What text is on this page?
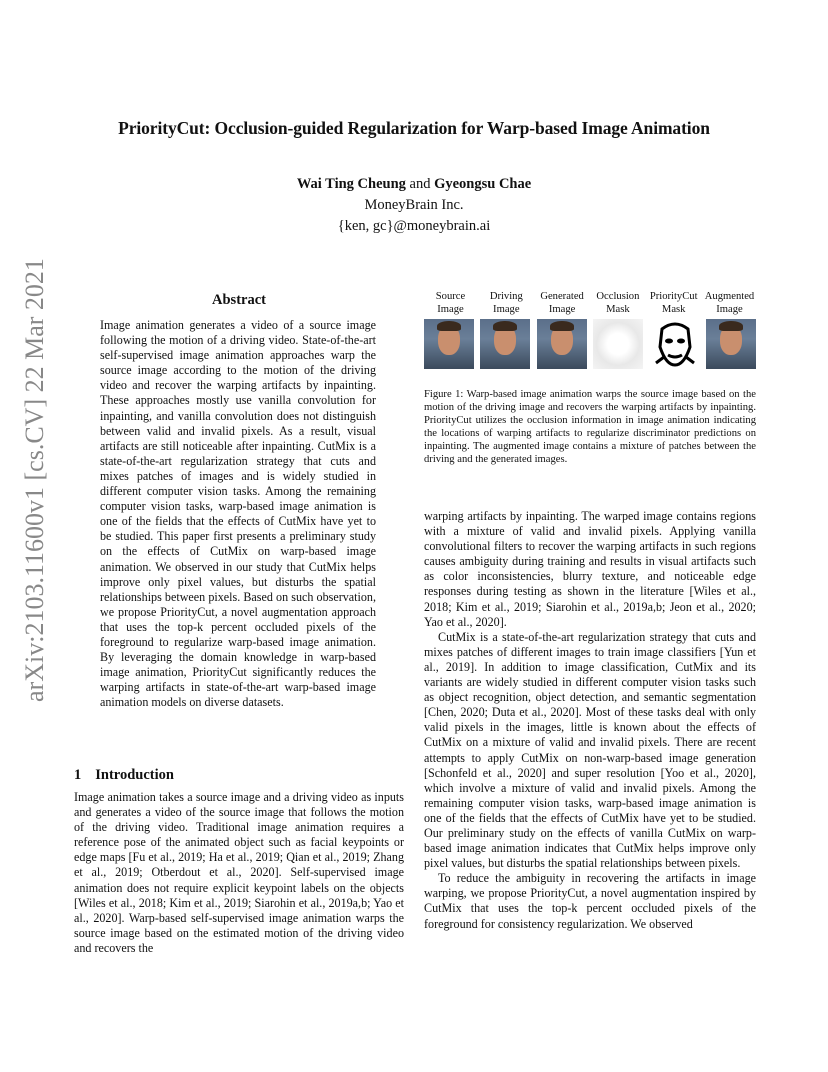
PriorityCut: Occlusion-guided Regularization for Warp-based Image Animation
Wai Ting Cheung and Gyeongsu Chae
MoneyBrain Inc.
{ken, gc}@moneybrain.ai
arXiv:2103.11600v1 [cs.CV] 22 Mar 2021	Abstract
Image animation generates a video of a source image following the motion of a driving video. State-of-the-art self-supervised image animation approaches warp the source image according to the motion of the driving video and recover the warping artifacts by inpainting. These approaches mostly use vanilla convolution for inpainting, and vanilla convolution does not distinguish between valid and invalid pixels. As a result, visual artifacts are still noticeable after inpainting. CutMix is a state-of-the-art regularization strategy that cuts and mixes patches of images and is widely studied in different computer vision tasks. Among the remaining computer vision tasks, warp-based image animation is one of the fields that the effects of CutMix have yet to be studied. This paper first presents a preliminary study on the effects of CutMix on warp-based image animation. We observed in our study that CutMix helps improve only pixel values, but disturbs the spatial relationships between pixels. Based on such observation, we propose PriorityCut, a novel augmentation approach that uses the top-k percent occluded pixels of the foreground to regularize warp-based image animation. By leveraging the domain knowledge in warp-based image animation, PriorityCut significantly reduces the warping artifacts in state-of-the-art warp-based image animation models on diverse datasets.
1 Introduction
Image animation takes a source image and a driving video as inputs and generates a video of the source image that follows the motion of the driving video. Traditional image animation requires a reference pose of the animated object such as facial keypoints or edge maps [Fu et al., 2019; Ha et al., 2019; Qian et al., 2019; Zhang et al., 2019; Otberdout et al., 2020]. Self-supervised image animation does not require explicit keypoint labels on the objects [Wiles et al., 2018; Kim et al., 2019; Siarohin et al., 2019a,b; Yao et al., 2020]. Warp-based self-supervised image animation warps the source image based on the estimated motion of the driving video and recovers the
Source
Image
Driving
Image
Generated
Image
Occlusion
Mask
PriorityCut
Mask
Augmented
Image
Figure 1: Warp-based image animation warps the source image based on the motion of the driving image and recovers the warping artifacts by inpainting. PriorityCut utilizes the occlusion information in image animation indicating the locations of warping artifacts to regularize discriminator predictions on inpainting. The augmented image contains a mixture of patches between the driving and the generated images.

warping artifacts by inpainting. The warped image contains regions with a mixture of valid and invalid pixels. Applying vanilla convolutional filters to recover the warping artifacts in such regions causes ambiguity during training and results in visual artifacts such as color inconsistencies, blurry texture, and noticeable edge responses during testing as shown in the literature [Wiles et al., 2018; Kim et al., 2019; Siarohin et al., 2019a,b; Jeon et al., 2020; Yao et al., 2020].

CutMix is a state-of-the-art regularization strategy that cuts and mixes patches of different images to train image classifiers [Yun et al., 2019]. In addition to image classification, CutMix and its variants are widely studied in different computer vision tasks such as object recognition, object detection, and semantic segmentation [Chen, 2020; Duta et al., 2020]. Most of these tasks deal with only valid pixels in the images, little is known about the effects of CutMix on a mixture of valid and invalid pixels. There are recent attempts to apply CutMix on non-warp-based image generation [Schonfeld et al., 2020] and super resolution [Yoo et al., 2020], which involve a mixture of valid and invalid pixels. Among the remaining computer vision tasks, warp-based image animation is one of the fields that the effects of CutMix have yet to be studied. Our preliminary study on the effects of vanilla CutMix on warp-based image animation indicates that CutMix helps improve only pixel values, but disturbs the spatial relationships between pixels.

To reduce the ambiguity in recovering the artifacts in image warping, we propose PriorityCut, a novel augmentation inspired by CutMix that uses the top-k percent occluded pixels of the foreground for consistency regularization. We observed
